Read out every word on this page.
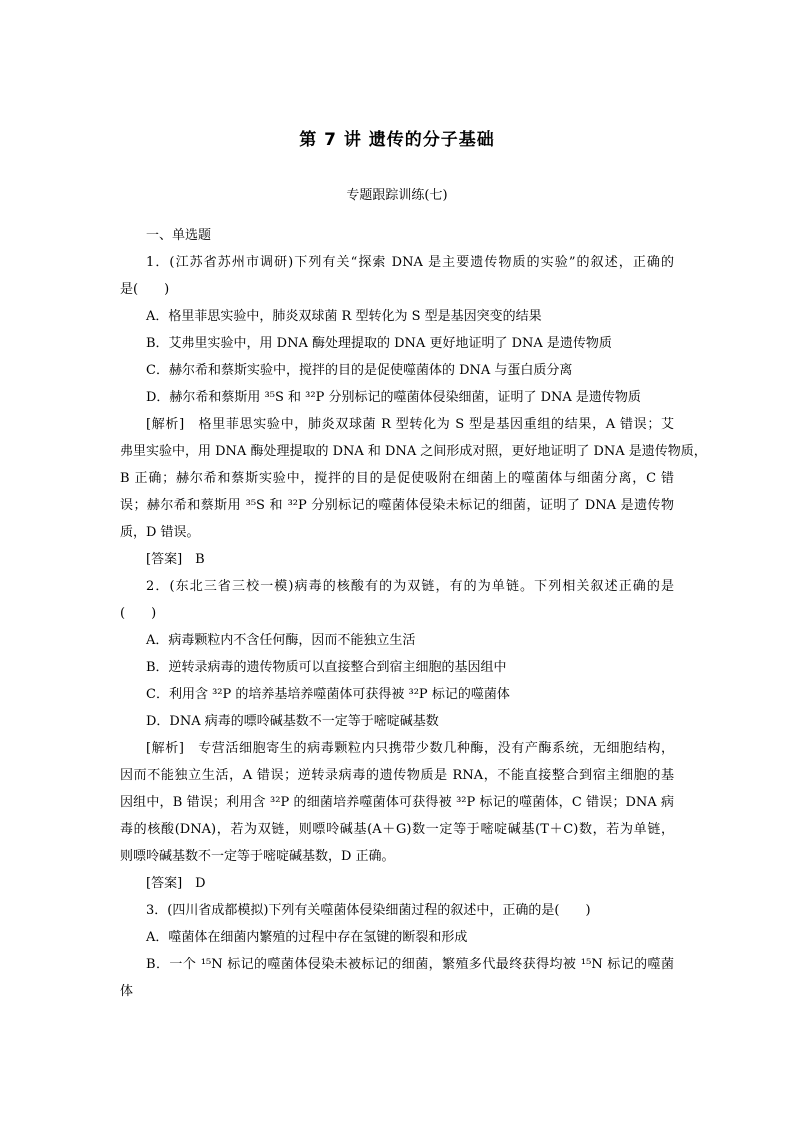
第 7 讲 遗传的分子基础
专题跟踪训练(七)
一、单选题
1．(江苏省苏州市调研)下列有关“探索 DNA 是主要遗传物质的实验”的叙述，正确的
是(　　)
A．格里菲思实验中，肺炎双球菌 R 型转化为 S 型是基因突变的结果
B．艾弗里实验中，用 DNA 酶处理提取的 DNA 更好地证明了 DNA 是遗传物质
C．赫尔希和蔡斯实验中，搅拌的目的是促使噬菌体的 DNA 与蛋白质分离
D．赫尔希和蔡斯用 ³⁵S 和 ³²P 分别标记的噬菌体侵染细菌，证明了 DNA 是遗传物质
[解析]　格里菲思实验中，肺炎双球菌 R 型转化为 S 型是基因重组的结果，A 错误；艾
弗里实验中，用 DNA 酶处理提取的 DNA 和 DNA 之间形成对照，更好地证明了 DNA 是遗传物质，
B 正确；赫尔希和蔡斯实验中，搅拌的目的是促使吸附在细菌上的噬菌体与细菌分离，C 错
误；赫尔希和蔡斯用 ³⁵S 和 ³²P 分别标记的噬菌体侵染未标记的细菌，证明了 DNA 是遗传物
质，D 错误。
[答案]　B
2．(东北三省三校一模)病毒的核酸有的为双链，有的为单链。下列相关叙述正确的是
(　　)
A．病毒颗粒内不含任何酶，因而不能独立生活
B．逆转录病毒的遗传物质可以直接整合到宿主细胞的基因组中
C．利用含 ³²P 的培养基培养噬菌体可获得被 ³²P 标记的噬菌体
D．DNA 病毒的嘌呤碱基数不一定等于嘧啶碱基数
[解析]　专营活细胞寄生的病毒颗粒内只携带少数几种酶，没有产酶系统，无细胞结构，
因而不能独立生活，A 错误；逆转录病毒的遗传物质是 RNA，不能直接整合到宿主细胞的基
因组中，B 错误；利用含 ³²P 的细菌培养噬菌体可获得被 ³²P 标记的噬菌体，C 错误；DNA 病
毒的核酸(DNA)，若为双链，则嘌呤碱基(A＋G)数一定等于嘧啶碱基(T＋C)数，若为单链，
则嘌呤碱基数不一定等于嘧啶碱基数，D 正确。
[答案]　D
3．(四川省成都模拟)下列有关噬菌体侵染细菌过程的叙述中，正确的是(　　)
A．噬菌体在细菌内繁殖的过程中存在氢键的断裂和形成
B．一个 ¹⁵N 标记的噬菌体侵染未被标记的细菌，繁殖多代最终获得均被 ¹⁵N 标记的噬菌
体
